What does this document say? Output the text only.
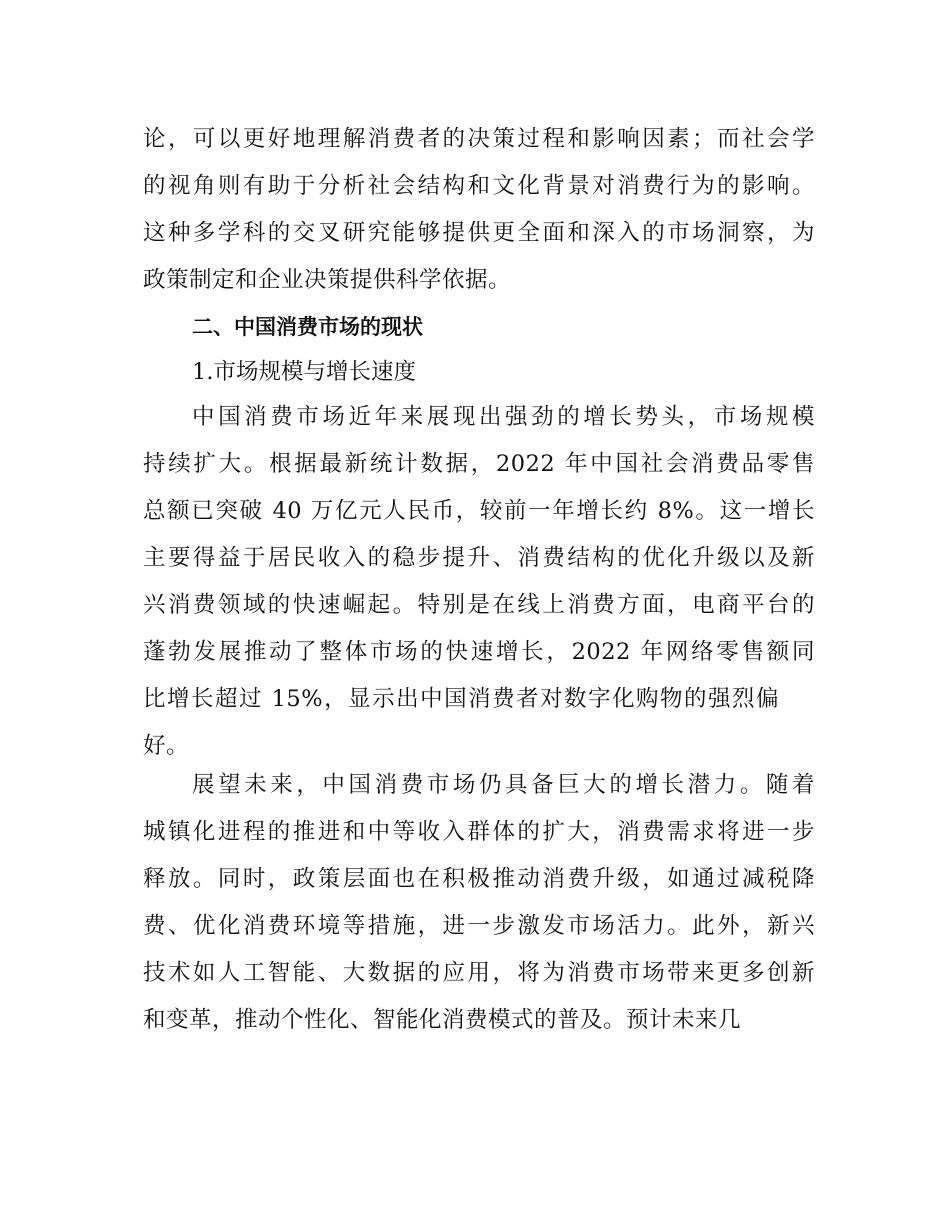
论，可以更好地理解消费者的决策过程和影响因素；而社会学
的视角则有助于分析社会结构和文化背景对消费行为的影响。
这种多学科的交叉研究能够提供更全面和深入的市场洞察，为
政策制定和企业决策提供科学依据。
二、中国消费市场的现状
1.市场规模与增长速度
中国消费市场近年来展现出强劲的增长势头，市场规模
持续扩大。根据最新统计数据，2022 年中国社会消费品零售
总额已突破 40 万亿元人民币，较前一年增长约 8%。这一增长
主要得益于居民收入的稳步提升、消费结构的优化升级以及新
兴消费领域的快速崛起。特别是在线上消费方面，电商平台的
蓬勃发展推动了整体市场的快速增长，2022 年网络零售额同
比增长超过 15%，显示出中国消费者对数字化购物的强烈偏
好。
展望未来，中国消费市场仍具备巨大的增长潜力。随着
城镇化进程的推进和中等收入群体的扩大，消费需求将进一步
释放。同时，政策层面也在积极推动消费升级，如通过减税降
费、优化消费环境等措施，进一步激发市场活力。此外，新兴
技术如人工智能、大数据的应用，将为消费市场带来更多创新
和变革，推动个性化、智能化消费模式的普及。预计未来几
